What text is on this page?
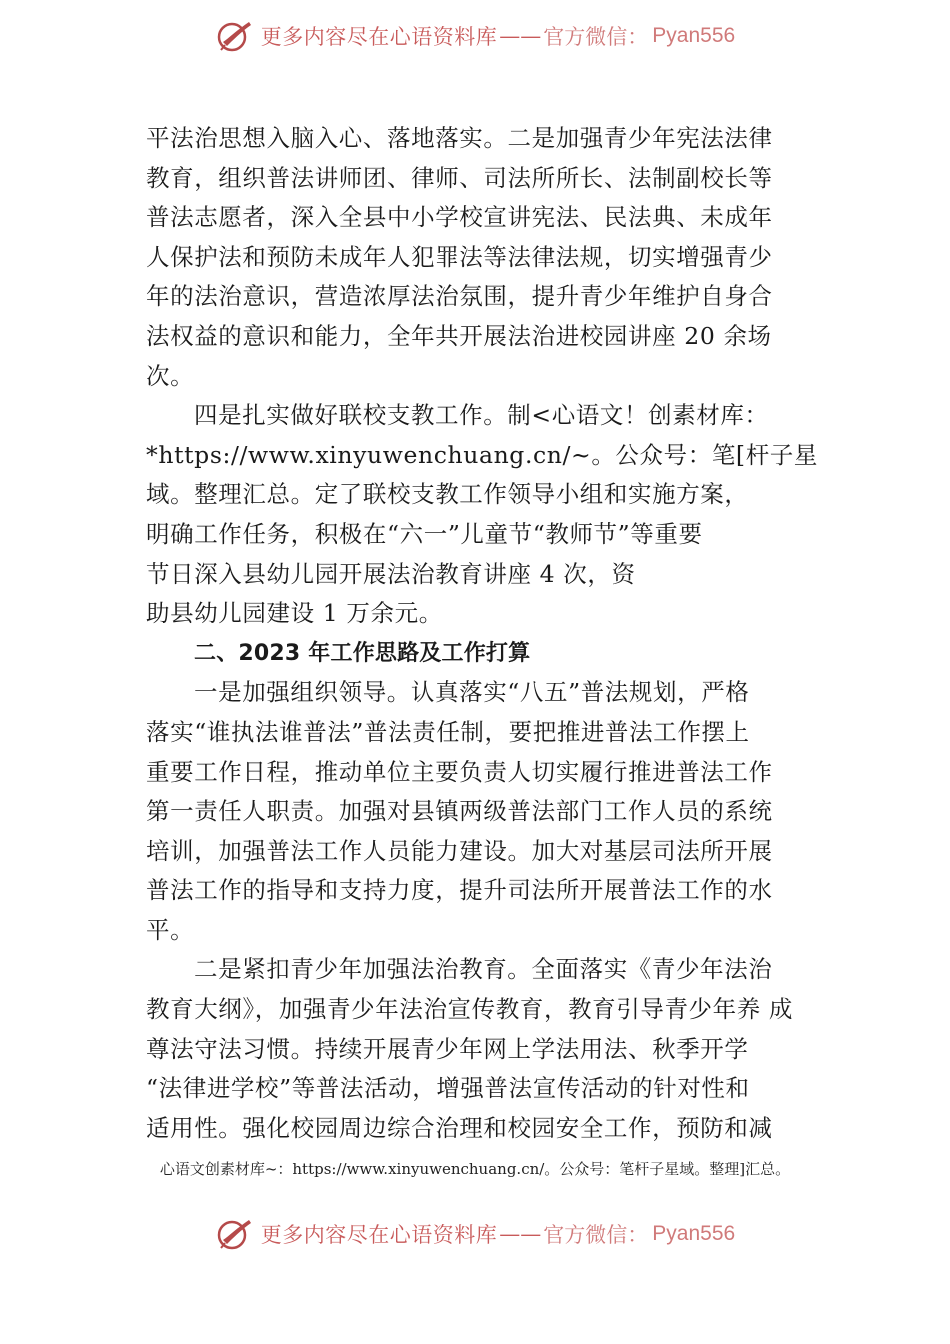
更多内容尽在心语资料库 —— 官方微信： Pyan556
平法治思想入脑入心、落地落实。二是加强青少年宪法法律
教育，组织普法讲师团、律师、司法所所长、法制副校长等
普法志愿者，深入全县中小学校宣讲宪法、民法典、未成年
人保护法和预防未成年人犯罪法等法律法规，切实增强青少
年的法治意识，营造浓厚法治氛围，提升青少年维护自身合
法权益的意识和能力，全年共开展法治进校园讲座 20 余场
次。
四是扎实做好联校支教工作。制<心语文！创素材库：
*https://www.xinyuwenchuang.cn/~。公众号：笔[杆子星
域。整理汇总。定了联校支教工作领导小组和实施方案，
明确工作任务，积极在“六一”儿童节“教师节”等重要
节日深入县幼儿园开展法治教育讲座 4 次，资
助县幼儿园建设 1 万余元。
二、2023 年工作思路及工作打算
一是加强组织领导。认真落实“八五”普法规划，严格
落实“谁执法谁普法”普法责任制，要把推进普法工作摆上
重要工作日程，推动单位主要负责人切实履行推进普法工作
第一责任人职责。加强对县镇两级普法部门工作人员的系统
培训，加强普法工作人员能力建设。加大对基层司法所开展
普法工作的指导和支持力度，提升司法所开展普法工作的水
平。
二是紧扣青少年加强法治教育。全面落实《青少年法治
教育大纲》，加强青少年法治宣传教育，教育引导青少年养 成
尊法守法习惯。持续开展青少年网上学法用法、秋季开学
“法律进学校”等普法活动，增强普法宣传活动的针对性和
适用性。强化校园周边综合治理和校园安全工作，预防和减
心语文创素材库~：https://www.xinyuwenchuang.cn/。公众号：笔杆子星域。整理]汇总。
更多内容尽在心语资料库 —— 官方微信： Pyan556
